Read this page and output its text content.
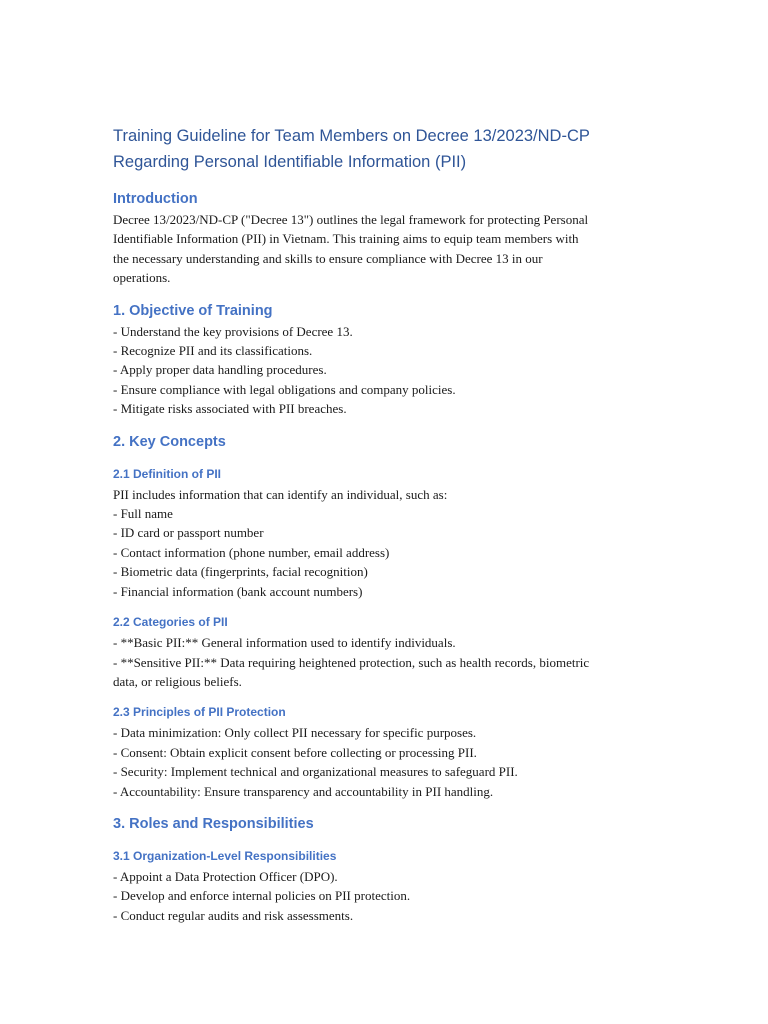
Training Guideline for Team Members on Decree 13/2023/ND-CP

Regarding Personal Identifiable Information (PII)

Introduction

Decree 13/2023/ND-CP ("Decree 13") outlines the legal framework for protecting Personal

Identifiable Information (PII) in Vietnam. This training aims to equip team members with

the necessary understanding and skills to ensure compliance with Decree 13 in our

operations.

1. Objective of Training

- Understand the key provisions of Decree 13.

- Recognize PII and its classifications.

- Apply proper data handling procedures.

- Ensure compliance with legal obligations and company policies.

- Mitigate risks associated with PII breaches.

2. Key Concepts
2.1 Definition of PII

PII includes information that can identify an individual, such as:

- Full name

- ID card or passport number

- Contact information (phone number, email address)

- Biometric data (fingerprints, facial recognition)

- Financial information (bank account numbers)

2.2 Categories of PII

- **Basic PII:** General information used to identify individuals.

- **Sensitive PII:** Data requiring heightened protection, such as health records, biometric

data, or religious beliefs.

2.3 Principles of PII Protection

- Data minimization: Only collect PII necessary for specific purposes.

- Consent: Obtain explicit consent before collecting or processing PII.

- Security: Implement technical and organizational measures to safeguard PII.

- Accountability: Ensure transparency and accountability in PII handling.

3. Roles and Responsibilities
3.1 Organization-Level Responsibilities

- Appoint a Data Protection Officer (DPO).

- Develop and enforce internal policies on PII protection.

- Conduct regular audits and risk assessments.
